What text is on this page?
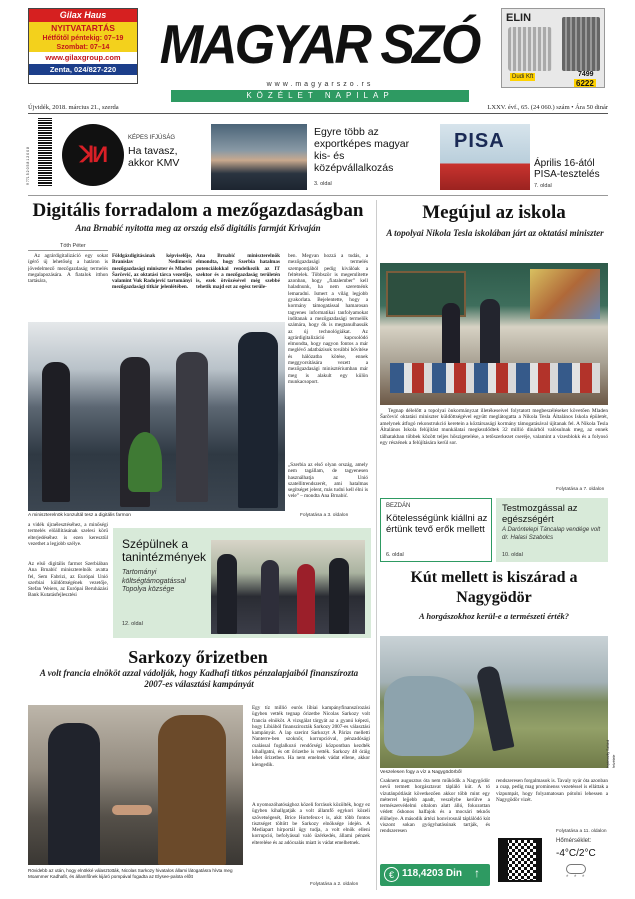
Gilax Haus
NYITVATARTÁS
Hétfőtől péntekig: 07–19
Szombat: 07–14
www.gilaxgroup.com
Zenta, 024/827-220 MAGYAR SZÓ
www.magyarszo.rs
KÖZÉLET NAPILAP
ELIN
Dudi Kft	7499
6222
Újvidék, 2018. március 21., szerda	LXXV. évf., 65. (24 060.) szám • Ára 50 dinár
9 771 5 2 0 5 8 1 2 0 0 8 ꓘИ
KÉPES IFJÚSÁG
Ha tavasz, akkor KMV
Egyre több az exportképes magyar kis- és középvállalkozás
3. oldal
PISA
Április 16-ától PISA-tesztelés
7. oldal
Digitális forradalom a mezőgazdaságban
Ana Brnabić nyitotta meg az ország első digitális farmját Krivaján
Tóth Péter
Az agrárdigitalizáció egy sokat ígérő új lehetőség a határon is jövedelmező mezőgazdaság termelés megalapozására. A fiatalok itthon tartására,
Földgázdigitásának képviselője, Branislav Nedimović mezőgazdasági miniszter és Mladen Šarčević, az oktatási tárca vezetője, valamint Vuk Radojević tartományi mezőgazdasági titkár jelenlétében.
Ana Brnabić miniszterelnök elmondta, hogy Szerbia hatalmas potenciálokkal rendelkezik az IT szektor és a mezőgazdaság területén is, ezek ötvözésével még szebbé tehetik majd ezt az egész terüle-
ben. Megvan hozzá a tudás, a mezőgazdasági termelés szempontjából pedig kiválóak a feltételek. Többször is megemlítette azonban, hogy „fiatalember” kell haladnunk, ha nem szeretnénk lemaradni. Ismert a világ legjobb gyakorlata. Bejelentette, hogy a kormány támogatással hamarosan tagyenes informatikai tanfolyamokat indítanak a mezőgazdasági termelők számára, hogy ők is megtanulhassák az új technológiákat. Az agrárdigitalizáció kapcsolódó elmondta, hogy nagyon fontos a már meglévő adatbázisok további bővítése és hálózatba kötése, ennek meggyorsítására vezett a mezőgazdasági minisztériumban már meg is alakult egy külön munkacsoport.
„Szerbia az első olyan ország, amely nem tagállam, de tagyenesen használhatja az Unió szatellitrendszerét, ami hatalmas segítséget jelent, más tudni kell élni is vele” – mondta Ana Brnabić.
Folytatása a 3. oldalon
A miniszterelnök konzultál tesz a digitális farmon
a vidék újraélesztéséhez, a minőségi termelés előállításának szelesi körű elterjedéséhez is ezen keresztül vezethet a legjobb szélye.
Az első digitális farmot Szerbiában Ana Brnabić miniszterelnök avatta fel, Sem Fabrizi, az Európai Unió szerbiai küldöttségének vezetője, Stefan Weiers, az Európai Beruházási Bank Kutatásfejlesztési
Szépülnek a tanintézmények
Tartományi költségtámogatással Topolya községe
12. oldal
Sarkozy őrizetben
A volt francia elnököt azzal vádolják, hogy Kadhafi titkos pénzalapjaiból finanszírozta 2007-es választási kampányát
Rövidebb az után, hogy elnökké választották, Nicolas Sarkozy hivatalos állami látogatásra hívta meg Moammer Kadhafit, és államfőnek kijáró pompával fogadta az Elysee-palota előtt
Egy tíz millió eurós líbiai kampányfinanszírozási ügyben vették tegnap őrizetbe Nicolas Sarkozy volt francia elnököt. A vizsgálat tárgyát az a gyanú képezi, hogy Líbiából finanszírozták Sarkozy 2007-es választási kampányát. A lap szerint Sarkozyt A Párizs melletti Nanterre-ben szoknőr, korrupcióval, pénzadósági csalással foglalkozó rendőrségi központban kezdték kihallgatni, és ott őrizetbe is vették. Sarkozy 48 óráig lehet őrizetben. Ha nem emelnek vádat ellene, akkor kiengedik.
A nyomozóhatósághoz közeli források közölték, hogy ez ügyben kihallgatják a volt államfő egykori közeli szövetségesét, Brice Hortefeux-t is, akit több fontos tisztséget töltött be Sarkozy elnöksége idején. A Mediapart hírportál ügy tudja, a volt elnök elleni korrupció, befolyással való üzérkedés, állami pénzek elterelése és az adócsalás miatt is vádat emelhetnek.
Folytatása a 2. oldalon
Megújul az iskola
A topolyai Nikola Tesla iskolában járt az oktatási miniszter
Tegnap délelőtt a topolyai önkormányzat illetékeseivel folytatott megbeszéléseket követően Mladen Šarčević oktatási miniszter küldöttségével együtt meglátogatta a Nikola Tesla Általános Iskola épületét, amelynek átfogó rekonstrukció keretein a köztársasági kormány támogatásával újítanak fel. A Nikola Tesla Általános Iskola felújítást munkálatai megkezdődtek 32 millió dinárból valósulnak meg, az ennek tálhatakban többek között teljes hőszigetelése, a tetőszerkezet cseréje, valamint a vizesblokk és a folyosó egy részének a felújítására kerül sor.
Folytatása a 7. oldalon
BEZDÁN
Kötelességünk kiállni az értünk tevő erők mellett
6. oldal
Testmozgással az egészségért
A Daróntelepi Táncalap vendége volt dr. Halasi Szabolcs
10. oldal
Kút mellett is kiszárad a Nagygödör
A horgászokhoz kerül-e a természeti érték?
Veszelesen fogy a víz a Nagygödörből
Ispánovity Szilárd felvétele
Csaknem augusztus óta nem működik a Nagygödör nevű termett horgásztavat tápláló kút. A tó vízutánpótlását következően akkor több mint egy méterrel lejjebb apadt, veszélybe kerülve a természetvédelmi oltalom alatt álló, fokozottan védett őshonos halfajok és a mocsári teknős élőhelye. A második ártézi honvirosnál táplálódó kút viszont sokan gyógyhatásúnak tartják, és rendszeresen
rendszeresen forgalmasok is. Tavaly nyár óta azonban a csap, pedig mag prominenss vezetéssel is elláttak a vízpumpát, hogy folyamatosan pótolni lehessen a Nagygödör vizét.
Folytatása a 11. oldalon
Hőmérséklet:
-4°C/2°C
* * *
€ 118,4203 Din ↑
